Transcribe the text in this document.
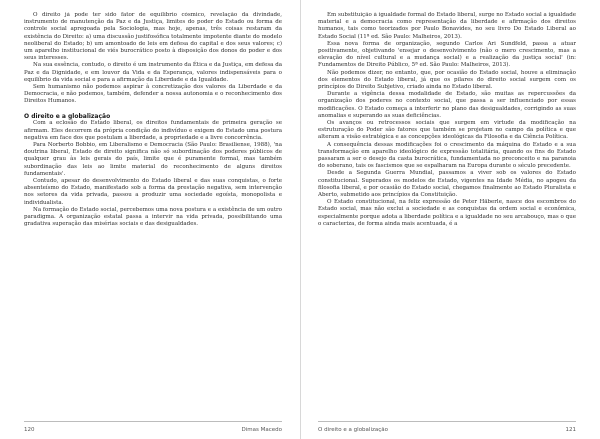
O direito já pode ter sido fator de equilíbrio cósmico, revelação da divindade, instrumento de manutenção da Paz e da Justiça, limites do poder do Estado ou forma de controle social apregoada pela Sociologia, mas hoje, apenas, três coisas restaram da existência do Direito: a) uma discussão justifosófica totalmente impotente diante do modelo neoliberal do Estado; b) um amontoado de leis em defesa do capital e dos seus valores; c) um aparelho institucional de viés burocrático posto à disposição dos donos do poder e dos seus interesses.

Na sua essência, contudo, o direito é um instrumento da Ética e da Justiça, em defesa da Paz e da Dignidade, e em louvor da Vida e da Esperança, valores indispensáveis para o equilíbrio da vida social e para a afirmação da Liberdade e da Igualdade.

Sem humanismo não podemos aspirar à concretização dos valores da Liberdade e da Democracia, e não podemos, também, defender a nossa autonomia e o reconhecimento dos Direitos Humanos.

O direito e a globalização

Com a eclosão do Estado liberal, os direitos fundamentais de primeira geração se afirmam. Eles decorrem da própria condição do indivíduo e exigem do Estado uma postura negativa em face dos que postulam a liberdade, a propriedade e a livre concorrência.

Para Norberto Bobbio, em Liberalismo e Democracia (São Paulo: Brasiliense, 1988), 'na doutrina liberal, Estado de direito significa não só subordinação dos poderes públicos de qualquer grau às leis gerais do país, limite que é puramente formal, mas também subordinação das leis ao limite material do reconhecimento de alguns direitos fundamentais'.

Contudo, apesar do desenvolvimento do Estado liberal e das suas conquistas, o forte absenteísmo do Estado, manifestado sob a forma da prestação negativa, sem intervenção nos setores da vida privada, passou a produzir uma sociedade egoísta, monopolista e individualista.

Na formação do Estado social, percebemos uma nova postura e a existência de um outro paradigma. A organização estatal passa a intervir na vida privada, possibilitando uma gradativa superação das misérias sociais e das desigualdades.

Em substituição à igualdade formal do Estado liberal, surge no Estado social a igualdade material e a democracia como representação da liberdade e afirmação dos direitos humanos, tais como teorizados por Paulo Bonavides, no seu livro Do Estado Liberal ao Estado Social (11ª ed. São Paulo: Malheiros, 2013).

Essa nova forma de organização, segundo Carlos Ari Sundfeld, passa a atuar positivamente, objetivando 'ensejar o desenvolvimento (não o mero crescimento, mas a elevação do nível cultural e a mudança social) e a realização da justiça social' (in: Fundamentos de Direito Público, 5ª ed. São Paulo: Malheiros, 2013).

Não podemos dizer, no entanto, que, por ocasião do Estado social, houve a eliminação dos elementos do Estado liberal, já que os pilares do direito social surgem com os princípios do Direito Subjetivo, criado ainda no Estado liberal.

Durante a vigência dessa modalidade de Estado, são muitas as repercussões da organização dos poderes no contexto social, que passa a ser influenciado por essas modificações. O Estado começa a interferir no plano das desigualdades, corrigindo as suas anomalias e superando as suas deficiências.

Os avanços ou retrocessos sociais que surgem em virtude da modificação na estruturação do Poder são fatores que também se projetam no campo da política e que alteram a visão estratégica e as concepções ideológicas da Filosofia e da Ciência Política.

A consequência dessas modificações foi o crescimento da máquina do Estado e a sua transformação em aparelho ideológico de expressão totalitária, quando os fins do Estado passaram a ser o desejo da casta burocrática, fundamentada no preconceito e na paranoia do soberano, tais os fascismos que se espalharam na Europa durante o século precedente.

Desde a Segunda Guerra Mundial, passamos a viver sob os valores do Estado constitucional. Superados os modelos de Estado, vigentes na Idade Média, no apogeu da filosofia liberal, e por ocasião do Estado social, chegamos finalmente ao Estado Pluralista e Aberto, submetido aos princípios da Constituição.

O Estado constitucional, na feliz expressão de Peter Häberle, nasce dos escombros do Estado social, mas não exclui a sociedade e as conquistas da ordem social e econômica, especialmente porque adota a liberdade política e a igualdade no seu arcabouço, mas o que o caracteriza, de forma ainda mais acentuada, é a

120	Dimas Macedo	O direito e a globalização	121
